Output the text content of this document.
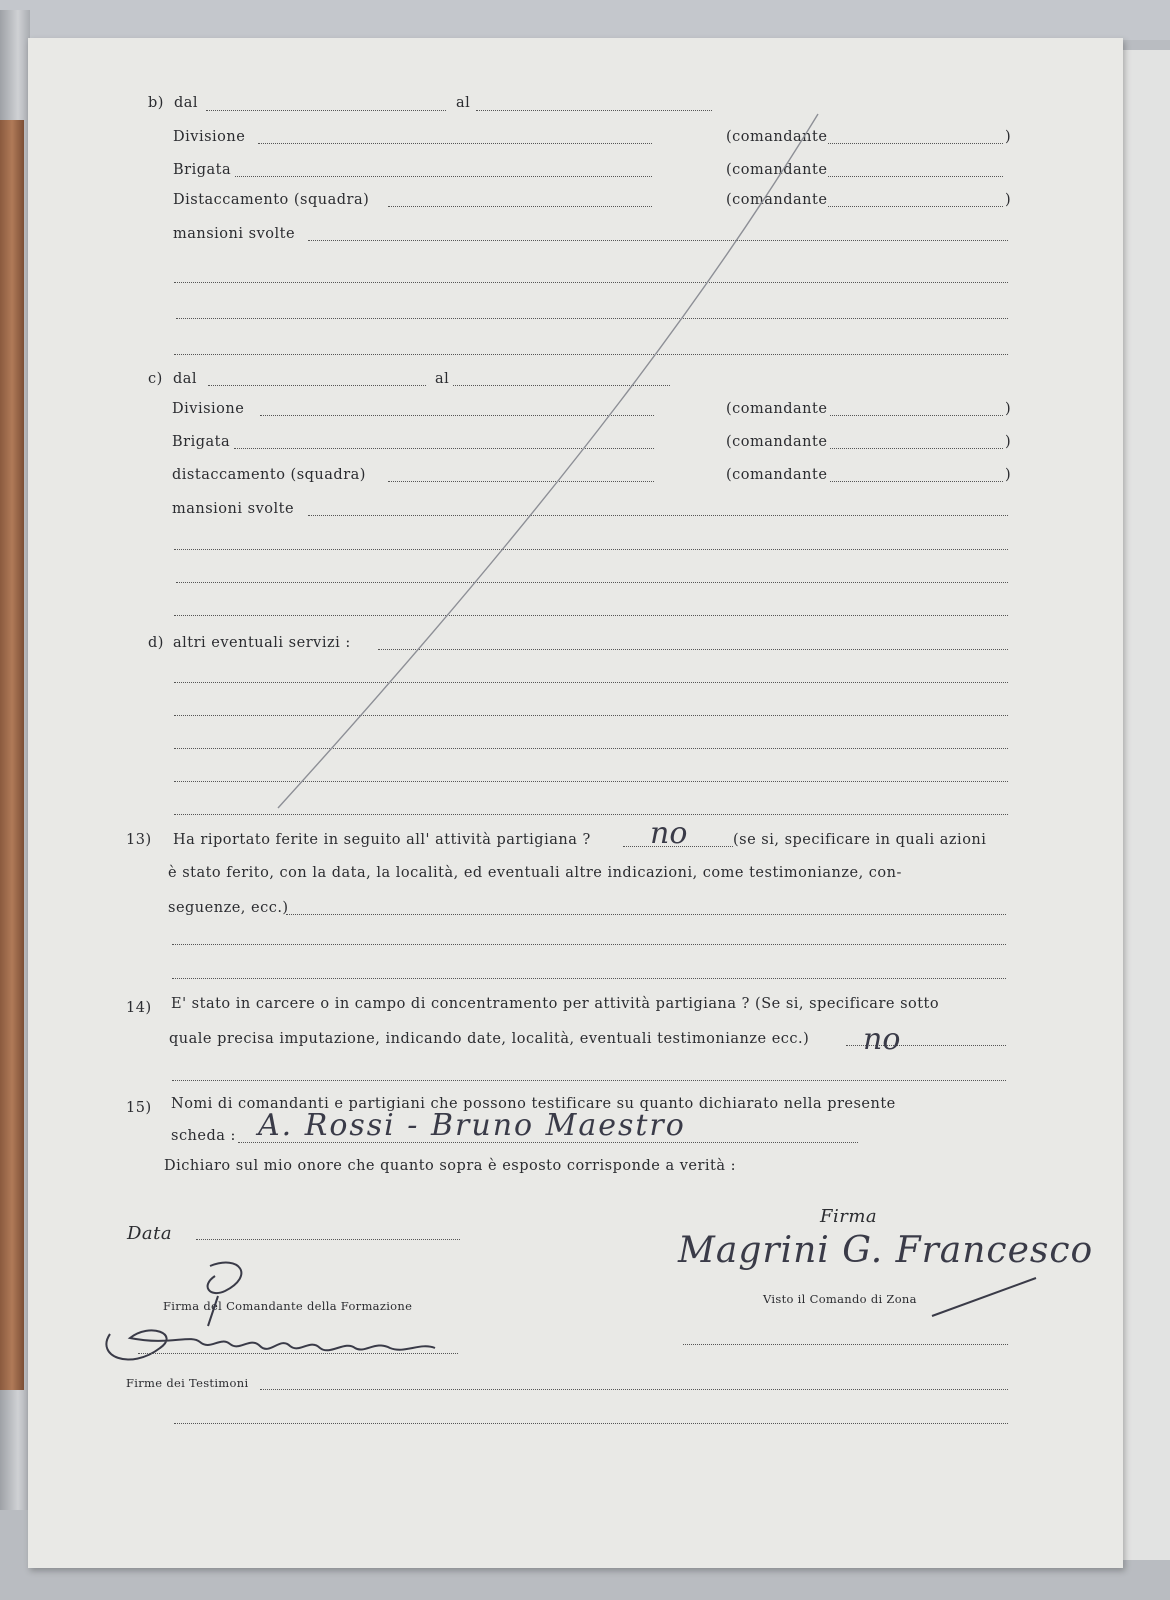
b) dal	al
Divisione	(comandante	)
Brigata	(comandante
Distaccamento (squadra)	(comandante	)
mansioni svolte
c) dal	al
Divisione	(comandante	)
Brigata	(comandante	)
distaccamento (squadra)	(comandante	)
mansioni svolte
d) altri eventuali servizi :
13) Ha riportato ferite in seguito all' attività partigiana ? no	(se si, specificare in quali azioni
è stato ferito, con la data, la località, ed eventuali altre indicazioni, come testimonianze, con-
seguenze, ecc.)
14) E' stato in carcere o in campo di concentramento per attività partigiana ? (Se si, specificare sotto
quale precisa imputazione, indicando date, località, eventuali testimonianze ecc.) no
15) Nomi di comandanti e partigiani che possono testificare su quanto dichiarato nella presente
scheda : A. Rossi - Bruno Maestro
Dichiaro sul mio onore che quanto sopra è esposto corrisponde a verità :
Firma
Data	Magrini G. Francesco
Firma del Comandante della Formazione	Visto il Comando di Zona
Firme dei Testimoni
